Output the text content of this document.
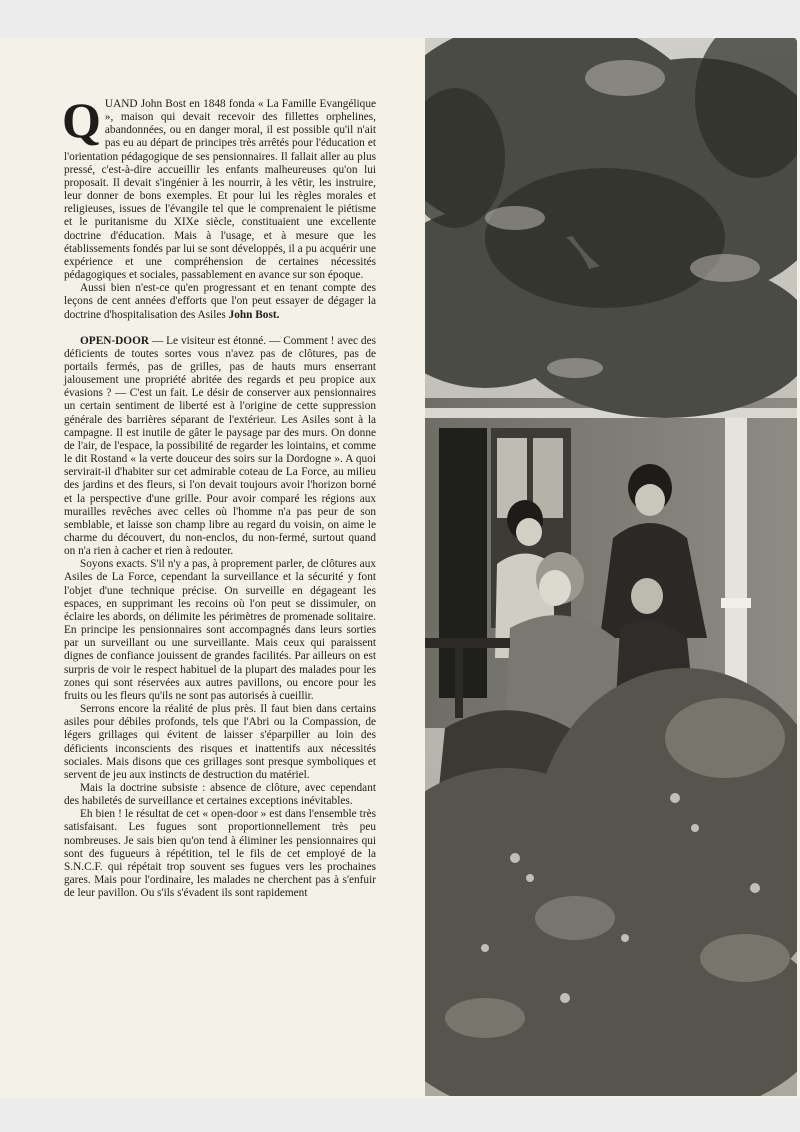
QUAND John Bost en 1848 fonda « La Famille Evangélique », maison qui devait recevoir des fillettes orphelines, abandonnées, ou en danger moral, il est possible qu'il n'ait pas eu au départ de principes très arrêtés pour l'éducation et l'orientation pédagogique de ses pensionnaires. Il fallait aller au plus pressé, c'est-à-dire accueillir les enfants malheureuses qu'on lui proposait. Il devait s'ingénier à les nourrir, à les vêtir, les instruire, leur donner de bons exemples. Et pour lui les règles morales et religieuses, issues de l'évangile tel que le comprenaient le piétisme et le puritanisme du XIXe siècle, constituaient une excellente doctrine d'éducation. Mais à l'usage, et à mesure que les établissements fondés par lui se sont développés, il a pu acquérir une expérience et une compréhension de certaines nécessités pédagogiques et sociales, passablement en avance sur son époque.

Aussi bien n'est-ce qu'en progressant et en tenant compte des leçons de cent années d'efforts que l'on peut essayer de dégager la doctrine d'hospitalisation des Asiles John Bost.

OPEN-DOOR — Le visiteur est étonné. — Comment ! avec des déficients de toutes sortes vous n'avez pas de clôtures, pas de portails fermés, pas de grilles, pas de hauts murs enserrant jalousement une propriété abritée des regards et peu propice aux évasions ? — C'est un fait. Le désir de conserver aux pensionnaires un certain sentiment de liberté est à l'origine de cette suppression générale des barrières séparant de l'extérieur. Les Asiles sont à la campagne. Il est inutile de gâter le paysage par des murs. On donne de l'air, de l'espace, la possibilité de regarder les lointains, et comme le dit Rostand « la verte douceur des soirs sur la Dordogne ». A quoi servirait-il d'habiter sur cet admirable coteau de La Force, au milieu des jardins et des fleurs, si l'on devait toujours avoir l'horizon borné et la perspective d'une grille. Pour avoir comparé les régions aux murailles revêches avec celles où l'homme n'a pas peur de son semblable, et laisse son champ libre au regard du voisin, on aime le charme du découvert, du non-enclos, du non-fermé, surtout quand on n'a rien à cacher et rien à redouter.

Soyons exacts. S'il n'y a pas, à proprement parler, de clôtures aux Asiles de La Force, cependant la surveillance et la sécurité y font l'objet d'une technique précise. On surveille en dégageant les espaces, en supprimant les recoins où l'on peut se dissimuler, on éclaire les abords, on délimite les périmètres de promenade solitaire. En principe les pensionnaires sont accompagnés dans leurs sorties par un surveillant ou une surveillante. Mais ceux qui paraissent dignes de confiance jouissent de grandes facilités. Par ailleurs on est surpris de voir le respect habituel de la plupart des malades pour les zones qui sont réservées aux autres pavillons, ou encore pour les fruits ou les fleurs qu'ils ne sont pas autorisés à cueillir.

Serrons encore la réalité de plus près. Il faut bien dans certains asiles pour débiles profonds, tels que l'Abri ou la Compassion, de légers grillages qui évitent de laisser s'éparpiller au loin des déficients inconscients des risques et inattentifs aux nécessités sociales. Mais disons que ces grillages sont presque symboliques et servent de jeu aux instincts de destruction du matériel.

Mais la doctrine subsiste : absence de clôture, avec cependant des habiletés de surveillance et certaines exceptions inévitables.

Eh bien ! le résultat de cet « open-door » est dans l'ensemble très satisfaisant. Les fugues sont proportionnellement très peu nombreuses. Je sais bien qu'on tend à éliminer les pensionnaires qui sont des fugueurs à répétition, tel le fils de cet employé de la S.N.C.F. qui répétait trop souvent ses fugues vers les prochaines gares. Mais pour l'ordinaire, les malades ne cherchent pas à s'enfuir de leur pavillon. Ou s'ils s'évadent ils sont rapidement
